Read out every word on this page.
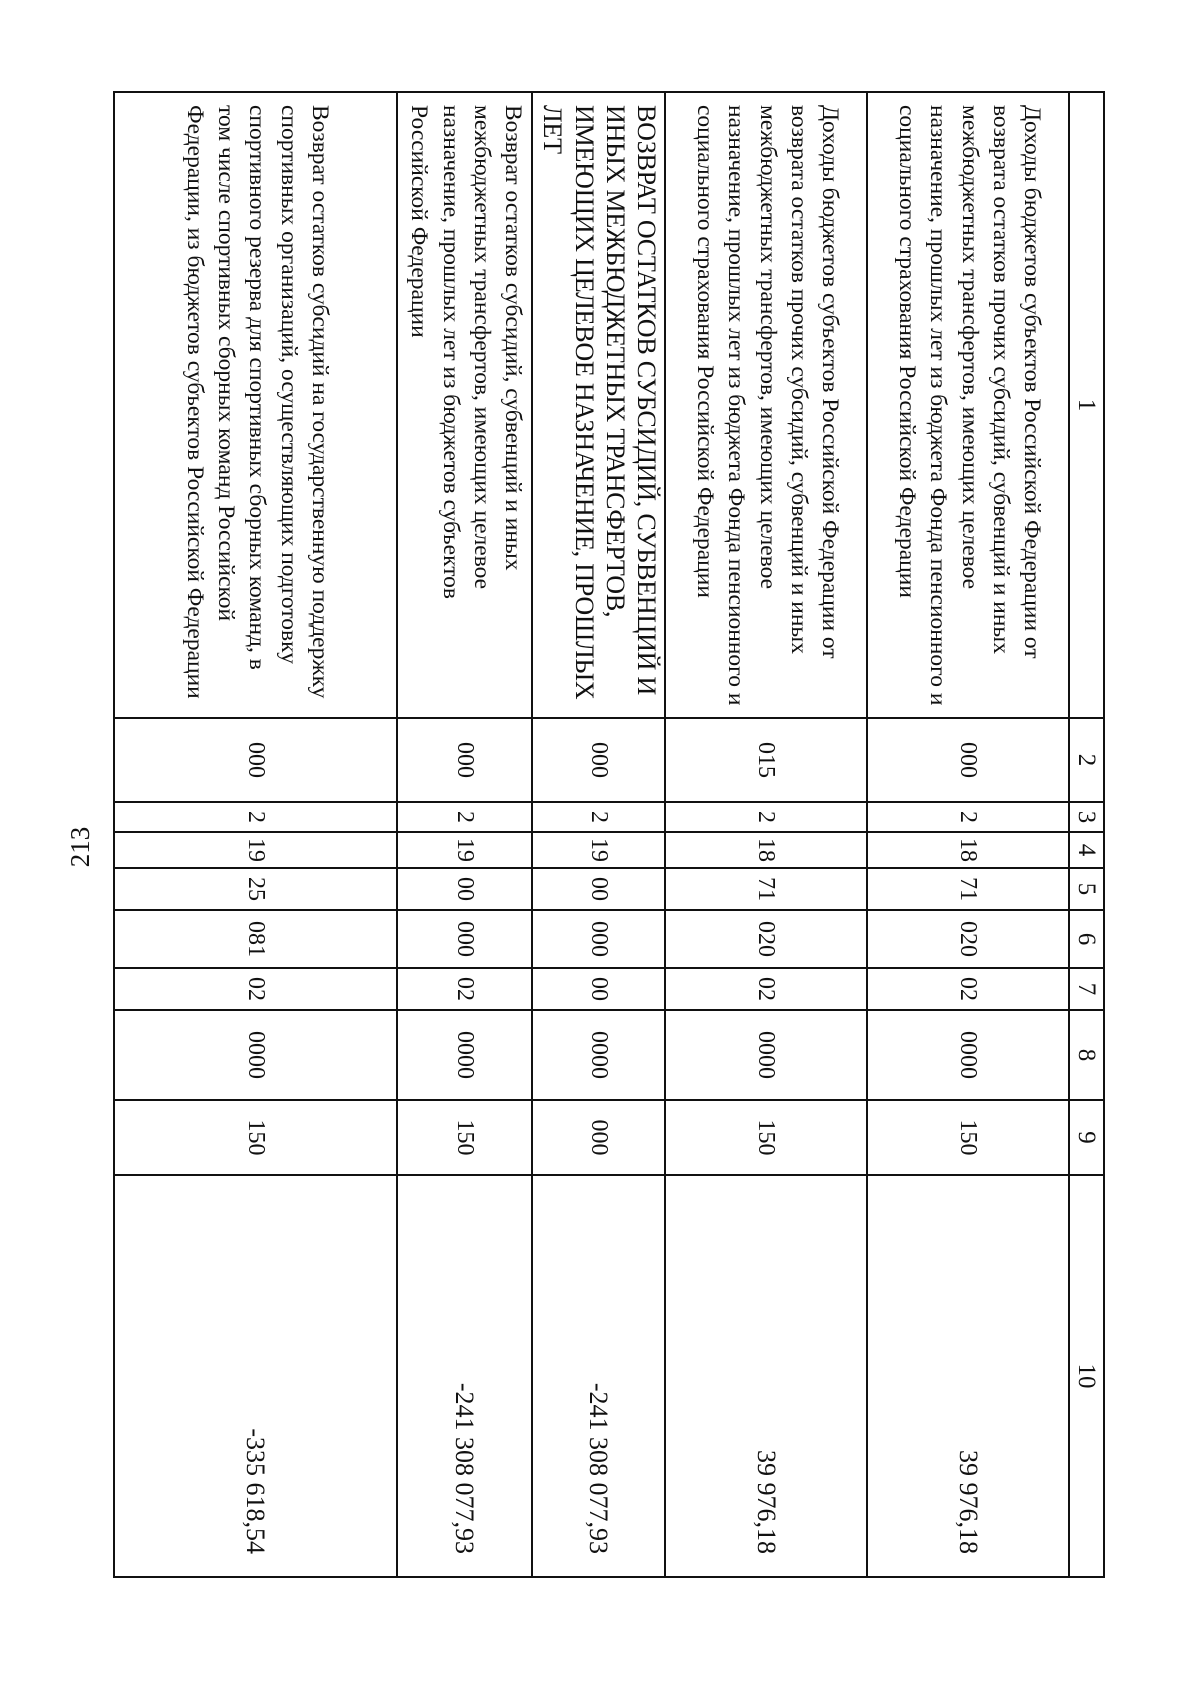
213
1	2	3	4	5	6	7	8	9	10
Доходы бюджетов субъектов Российской Федерации от возврата остатков прочих субсидий, субвенций и иных межбюджетных трансфертов, имеющих целевое назначение, прошлых лет из бюджета Фонда пенсионного и социального страхования Российской Федерации	000	2	18	71	020	02	0000	150	39 976,18
Доходы бюджетов субъектов Российской Федерации от возврата остатков прочих субсидий, субвенций и иных межбюджетных трансфертов, имеющих целевое назначение, прошлых лет из бюджета Фонда пенсионного и социального страхования Российской Федерации	015	2	18	71	020	02	0000	150	39 976,18
ВОЗВРАТ ОСТАТКОВ СУБСИДИЙ, СУБВЕНЦИЙ И ИНЫХ МЕЖБЮДЖЕТНЫХ ТРАНСФЕРТОВ, ИМЕЮЩИХ ЦЕЛЕВОЕ НАЗНАЧЕНИЕ, ПРОШЛЫХ ЛЕТ	000	2	19	00	000	00	0000	000	-241 308 077,93
Возврат остатков субсидий, субвенций и иных межбюджетных трансфертов, имеющих целевое назначение, прошлых лет из бюджетов субъектов Российской Федерации	000	2	19	00	000	02	0000	150	-241 308 077,93
Возврат остатков субсидий на государственную поддержку спортивных организаций, осуществляющих подготовку спортивного резерва для спортивных сборных команд, в том числе спортивных сборных команд Российской Федерации, из бюджетов субъектов Российской Федерации	000	2	19	25	081	02	0000	150	-335 618,54
